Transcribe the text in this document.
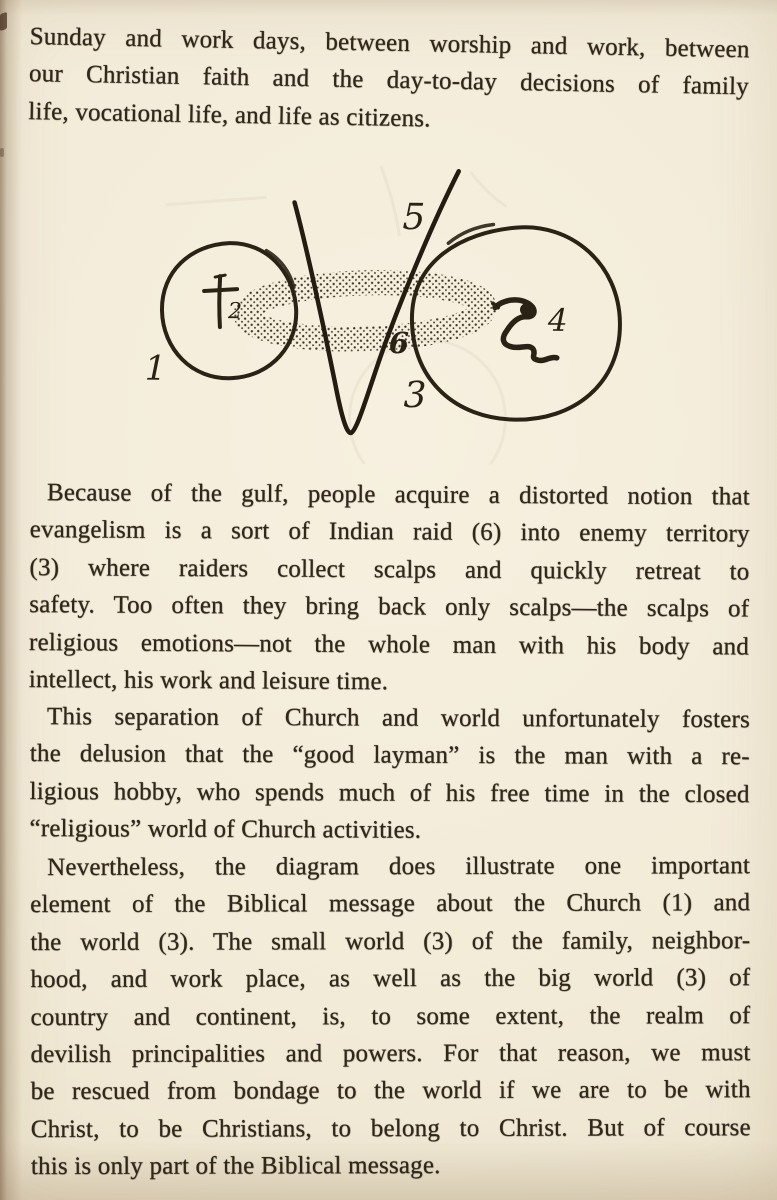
Sunday and work days, between worship and work, between
our Christian faith and the day-to-day decisions of family
life, vocational life, and life as citizens.
1
2
5
6
3
4
Because of the gulf, people acquire a distorted notion that
evangelism is a sort of Indian raid (6) into enemy territory
(3) where raiders collect scalps and quickly retreat to
safety. Too often they bring back only scalps—the scalps of
religious emotions—not the whole man with his body and
intellect, his work and leisure time.
This separation of Church and world unfortunately fosters
the delusion that the “good layman” is the man with a re-
ligious hobby, who spends much of his free time in the closed
“religious” world of Church activities.
Nevertheless, the diagram does illustrate one important
element of the Biblical message about the Church (1) and
the world (3). The small world (3) of the family, neighbor-
hood, and work place, as well as the big world (3) of
country and continent, is, to some extent, the realm of
devilish principalities and powers. For that reason, we must
be rescued from bondage to the world if we are to be with
Christ, to be Christians, to belong to Christ. But of course
this is only part of the Biblical message.
